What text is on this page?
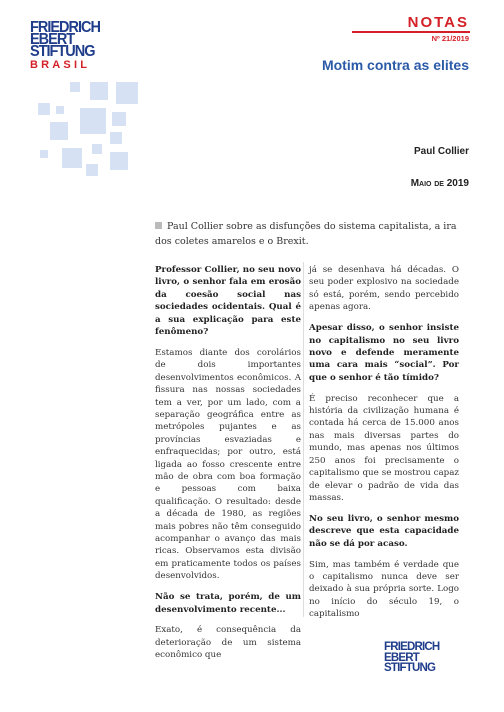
FRIEDRICH
EBERT
STIFTUNG
BRASIL
NOTAS
Nº 21/2019
Motim contra as elites
Paul Collier
Maio de 2019
Paul Collier sobre as disfunções do sistema capitalista, a ira dos coletes amarelos e o Brexit.

Professor Collier, no seu novo livro, o senhor fala em erosão da coesão social nas sociedades ocidentais. Qual é a sua explicação para este fenômeno?

Estamos diante dos corolários de dois importantes desenvolvimentos econômicos. A fissura nas nossas sociedades tem a ver, por um lado, com a separação geográfica entre as metrópoles pujantes e as províncias esvaziadas e enfraquecidas; por outro, está ligada ao fosso crescente entre mão de obra com boa formação e pessoas com baixa qualificação. O resultado: desde a década de 1980, as regiões mais pobres não têm conseguido acompanhar o avanço das mais ricas. Observamos esta divisão em praticamente todos os países desenvolvidos.

Não se trata, porém, de um desenvolvimento recente...

Exato, é consequência da deterioração de um sistema econômico que

já se desenhava há décadas. O seu poder explosivo na sociedade só está, porém, sendo percebido apenas agora.

Apesar disso, o senhor insiste no capitalismo no seu livro novo e defende meramente uma cara mais “social”. Por que o senhor é tão tímido?

É preciso reconhecer que a história da civilização humana é contada há cerca de 15.000 anos nas mais diversas partes do mundo, mas apenas nos últimos 250 anos foi precisamente o capitalismo que se mostrou capaz de elevar o padrão de vida das massas.

No seu livro, o senhor mesmo descreve que esta capacidade não se dá por acaso.

Sim, mas também é verdade que o capitalismo nunca deve ser deixado à sua própria sorte. Logo no início do século 19, o capitalismo

FRIEDRICH
EBERT
STIFTUNG
